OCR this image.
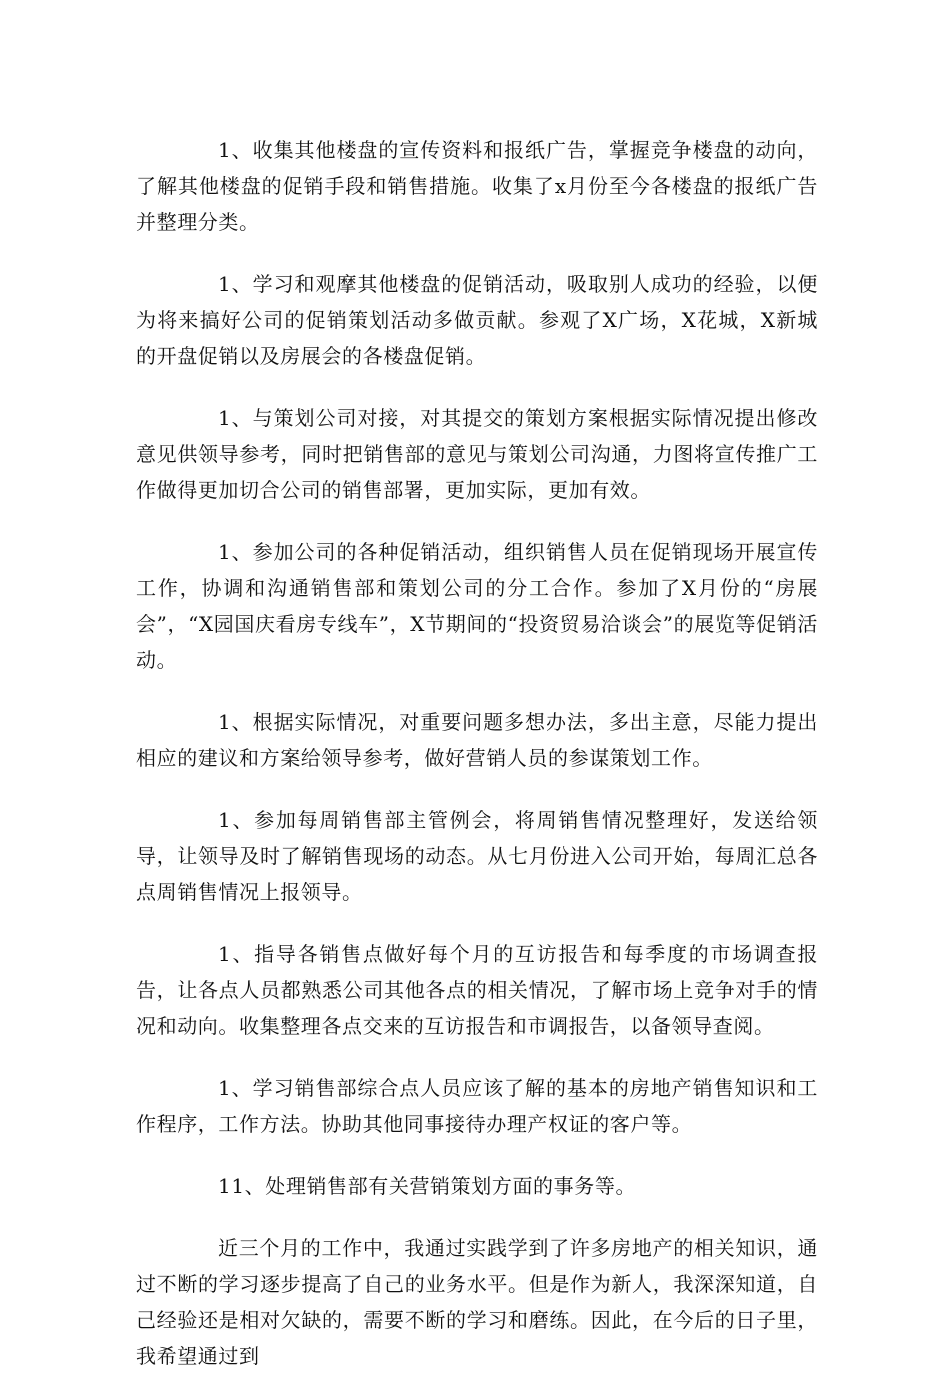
1、收集其他楼盘的宣传资料和报纸广告，掌握竞争楼盘的动向，了解其他楼盘的促销手段和销售措施。收集了x月份至今各楼盘的报纸广告并整理分类。

1、学习和观摩其他楼盘的促销活动，吸取别人成功的经验，以便为将来搞好公司的促销策划活动多做贡献。参观了X广场，X花城，X新城的开盘促销以及房展会的各楼盘促销。

1、与策划公司对接，对其提交的策划方案根据实际情况提出修改意见供领导参考，同时把销售部的意见与策划公司沟通，力图将宣传推广工作做得更加切合公司的销售部署，更加实际，更加有效。

1、参加公司的各种促销活动，组织销售人员在促销现场开展宣传工作，协调和沟通销售部和策划公司的分工合作。参加了X月份的“房展会”，“X园国庆看房专线车”，X节期间的“投资贸易洽谈会”的展览等促销活动。

1、根据实际情况，对重要问题多想办法，多出主意，尽能力提出相应的建议和方案给领导参考，做好营销人员的参谋策划工作。

1、参加每周销售部主管例会，将周销售情况整理好，发送给领导，让领导及时了解销售现场的动态。从七月份进入公司开始，每周汇总各点周销售情况上报领导。

1、指导各销售点做好每个月的互访报告和每季度的市场调查报告，让各点人员都熟悉公司其他各点的相关情况，了解市场上竞争对手的情况和动向。收集整理各点交来的互访报告和市调报告，以备领导查阅。

1、学习销售部综合点人员应该了解的基本的房地产销售知识和工作程序，工作方法。协助其他同事接待办理产权证的客户等。

11、处理销售部有关营销策划方面的事务等。

近三个月的工作中，我通过实践学到了许多房地产的相关知识，通过不断的学习逐步提高了自己的业务水平。但是作为新人，我深深知道，自己经验还是相对欠缺的，需要不断的学习和磨练。因此，在今后的日子里，我希望通过到
